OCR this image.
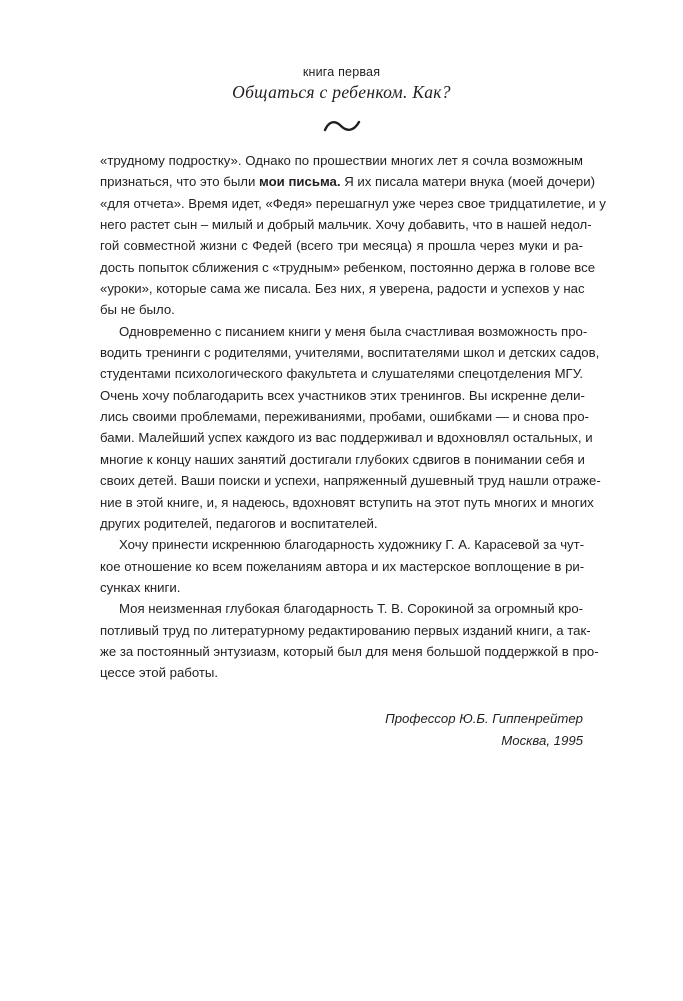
книга первая

Общаться с ребенком. Как?

«трудному подростку». Однако по прошествии многих лет я сочла возможным
признаться, что это были мои письма. Я их писала матери внука (моей дочери)
«для отчета». Время идет, «Федя» перешагнул уже через свое тридцатилетие, и у
него растет сын – милый и добрый мальчик. Хочу добавить, что в нашей недол-
гой совместной жизни с Федей (всего три месяца) я прошла через муки и ра-
дость попыток сближения с «трудным» ребенком, постоянно держа в голове все
«уроки», которые сама же писала. Без них, я уверена, радости и успехов у нас
бы не было.

Одновременно с писанием книги у меня была счастливая возможность про-
водить тренинги с родителями, учителями, воспитателями школ и детских садов,
студентами психологического факультета и слушателями спецотделения МГУ.
Очень хочу поблагодарить всех участников этих тренингов. Вы искренне дели-
лись своими проблемами, переживаниями, пробами, ошибками — и снова про-
бами. Малейший успех каждого из вас поддерживал и вдохновлял остальных, и
многие к концу наших занятий достигали глубоких сдвигов в понимании себя и
своих детей. Ваши поиски и успехи, напряженный душевный труд нашли отраже-
ние в этой книге, и, я надеюсь, вдохновят вступить на этот путь многих и многих
других родителей, педагогов и воспитателей.

Хочу принести искреннюю благодарность художнику Г. А. Карасевой за чут-
кое отношение ко всем пожеланиям автора и их мастерское воплощение в ри-
сунках книги.

Моя неизменная глубокая благодарность Т. В. Сорокиной за огромный кро-
потливый труд по литературному редактированию первых изданий книги, а так-
же за постоянный энтузиазм, который был для меня большой поддержкой в про-
цессе этой работы.

Профессор Ю.Б. Гиппенрейтер
Москва, 1995
